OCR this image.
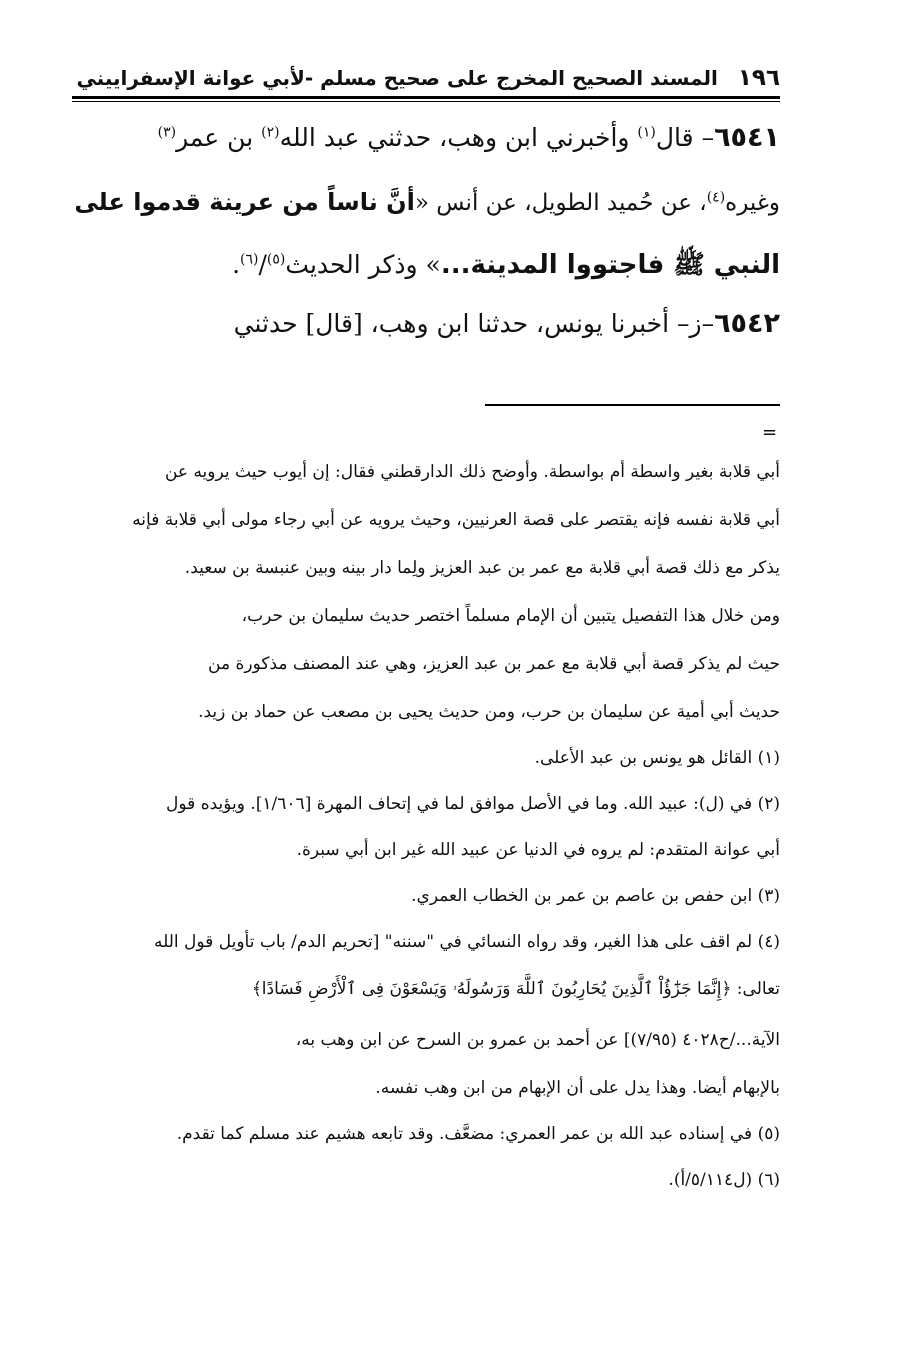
١٩٦
المسند الصحيح المخرج على صحيح مسلم -لأبي عوانة الإسفراييني
٦٥٤١– قال$^{(١)}$ وأخبرني ابن وهب، حدثني عبد الله$^{(٢)}$ بن عمر$^{(٣)}$
وغيره$^{(٤)}$، عن حُميد الطويل، عن أنس «أنَّ ناساً من عرينة قدموا على
النبي ﷺ فاجتووا المدينة...» وذكر الحديث$^{(٥)}$/$^{(٦)}$.
٦٥٤٢–ز– أخبرنا يونس، حدثنا ابن وهب، [قال] حدثني
=
أبي قلابة بغير واسطة أم بواسطة. وأوضح ذلك الدارقطني فقال: إن أيوب حيث يرويه عن
أبي قلابة نفسه فإنه يقتصر على قصة العرنيين، وحيث يرويه عن أبي رجاء مولى أبي قلابة فإنه
يذكر مع ذلك قصة أبي قلابة مع عمر بن عبد العزيز ولِما دار بينه وبين عنبسة بن سعيد.
ومن خلال هذا التفصيل يتبين أن الإمام مسلماً اختصر حديث سليمان بن حرب،
حيث لم يذكر قصة أبي قلابة مع عمر بن عبد العزيز، وهي عند المصنف مذكورة من
حديث أبي أمية عن سليمان بن حرب، ومن حديث يحيى بن مصعب عن حماد بن زيد.
(١) القائل هو يونس بن عبد الأعلى.
(٢) في (ل): عبيد الله. وما في الأصل موافق لما في إتحاف المهرة [١/٦٠٦]. ويؤيده قول
أبي عوانة المتقدم: لم يروه في الدنيا عن عبيد الله غير ابن أبي سبرة.
(٣) ابن حفص بن عاصم بن عمر بن الخطاب العمري.
(٤) لم اقف على هذا الغير، وقد رواه النسائي في "سننه" [تحريم الدم/ باب تأويل قول الله
تعالى: ﴿إِنَّمَا جَزَٰٓؤُاْ ٱلَّذِينَ يُحَارِبُونَ ٱللَّهَ وَرَسُولَهُۥ وَيَسْعَوْنَ فِى ٱلْأَرْضِ فَسَادًا﴾
الآية.../ح٤٠٢٨ (٧/٩٥)] عن أحمد بن عمرو بن السرح عن ابن وهب به،
بالإبهام أيضا. وهذا يدل على أن الإبهام من ابن وهب نفسه.
(٥) في إسناده عبد الله بن عمر العمري: مضعَّف. وقد تابعه هشيم عند مسلم كما تقدم.
(٦) (ل٥/١١٤/أ).
